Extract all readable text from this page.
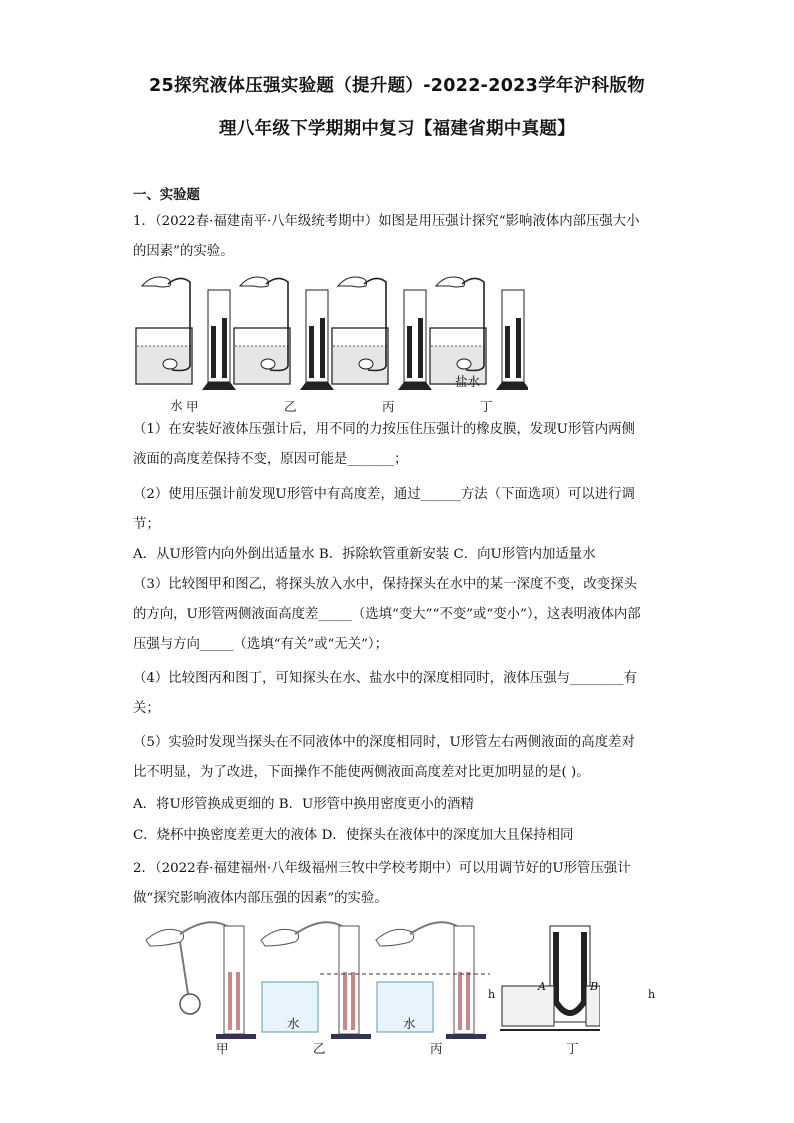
25探究液体压强实验题（提升题）-2022-2023学年沪科版物
理八年级下学期期中复习【福建省期中真题】
一、实验题
1．（2022春·福建南平·八年级统考期中）如图是用压强计探究“影响液体内部压强大小
的因素”的实验。
水
盐水
甲	乙	丙	丁
（1）在安装好液体压强计后，用不同的力按压住压强计的橡皮膜，发现U形管内两侧
液面的高度差保持不变，原因可能是_______；
（2）使用压强计前发现U形管中有高度差，通过______方法（下面选项）可以进行调
节；
A．从U形管内向外倒出适量水 B．拆除软管重新安装 C．向U形管内加适量水
（3）比较图甲和图乙，将探头放入水中，保持探头在水中的某一深度不变，改变探头
的方向，U形管两侧液面高度差_____（选填“变大”“不变”或“变小”），这表明液体内部
压强与方向_____（选填“有关”或“无关”）；
（4）比较图丙和图丁，可知探头在水、盐水中的深度相同时，液体压强与________有
关；
（5）实验时发现当探头在不同液体中的深度相同时，U形管左右两侧液面的高度差对
比不明显，为了改进，下面操作不能使两侧液面高度差对比更加明显的是( )。
A．将U形管换成更细的 B．U形管中换用密度更小的酒精
C．烧杯中换密度差更大的液体 D．使探头在液体中的深度加大且保持相同
2．（2022春·福建福州·八年级福州三牧中学校考期中）可以用调节好的U形管压强计
做“探究影响液体内部压强的因素”的实验。
水	水
h
A	B
h
甲	乙	丙	丁
